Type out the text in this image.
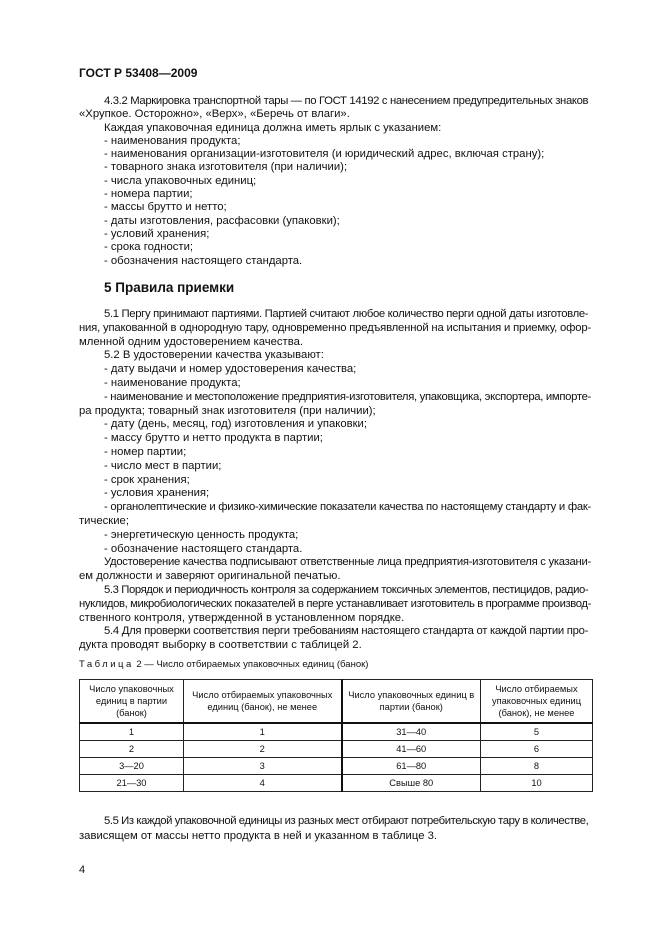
ГОСТ Р 53408—2009
4.3.2 Маркировка транспортной тары — по ГОСТ 14192 с нанесением предупредительных знаков
«Хрупкое. Осторожно», «Верх», «Беречь от влаги».
Каждая упаковочная единица должна иметь ярлык с указанием:
- наименования продукта;
- наименования организации-изготовителя (и юридический адрес, включая страну);
- товарного знака изготовителя (при наличии);
- числа упаковочных единиц;
- номера партии;
- массы брутто и нетто;
- даты изготовления, расфасовки (упаковки);
- условий хранения;
- срока годности;
- обозначения настоящего стандарта.
5 Правила приемки
5.1 Пергу принимают партиями. Партией считают любое количество перги одной даты изготовле-
ния, упакованной в однородную тару, одновременно предъявленной на испытания и приемку, офор-
мленной одним удостоверением качества.
5.2 В удостоверении качества указывают:
- дату выдачи и номер удостоверения качества;
- наименование продукта;
- наименование и местоположение предприятия-изготовителя, упаковщика, экспортера, импорте-
ра продукта; товарный знак изготовителя (при наличии);
- дату (день, месяц, год) изготовления и упаковки;
- массу брутто и нетто продукта в партии;
- номер партии;
- число мест в партии;
- срок хранения;
- условия хранения;
- органолептические и физико-химические показатели качества по настоящему стандарту и фак-
тические;
- энергетическую ценность продукта;
- обозначение настоящего стандарта.
Удостоверение качества подписывают ответственные лица предприятия-изготовителя с указани-
ем должности и заверяют оригинальной печатью.
5.3 Порядок и периодичность контроля за содержанием токсичных элементов, пестицидов, радио-
нуклидов, микробиологических показателей в перге устанавливает изготовитель в программе производ-
ственного контроля, утвержденной в установленном порядке.
5.4 Для проверки соответствия перги требованиям настоящего стандарта от каждой партии про-
дукта проводят выборку в соответствии с таблицей 2.
Таблица 2 — Число отбираемых упаковочных единиц (банок)
Число упаковочных единиц в партии (банок)	Число отбираемых упаковочных единиц (банок), не менее	Число упаковочных единиц в партии (банок)	Число отбираемых упаковочных единиц (банок), не менее
1	1	31—40	5
2	2	41—60	6
3—20	3	61—80	8
21—30	4	Свыше 80	10
5.5 Из каждой упаковочной единицы из разных мест отбирают потребительскую тару в количестве,
зависящем от массы нетто продукта в ней и указанном в таблице 3.
4
